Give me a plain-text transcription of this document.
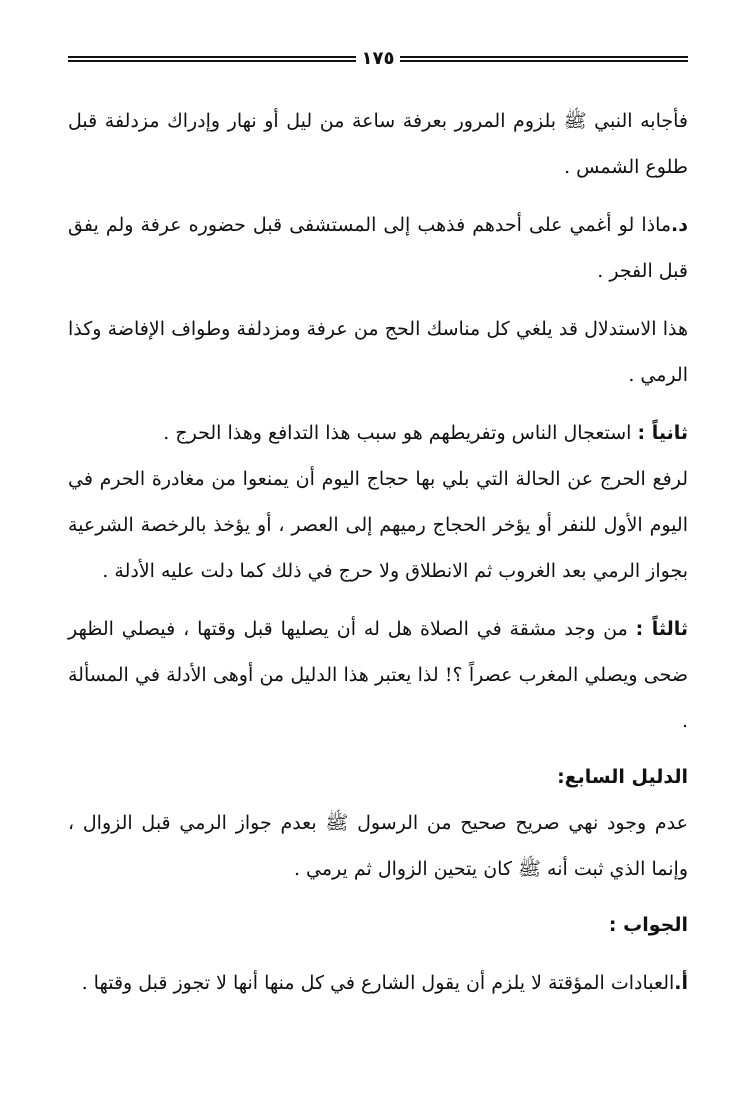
١٧٥

فأجابه النبي ﷺ بلزوم المرور بعرفة ساعة من ليل أو نهار وإدراك مزدلفة قبل طلوع الشمس .

د.ماذا لو أغمي على أحدهم فذهب إلى المستشفى قبل حضوره عرفة ولم يفق قبل الفجر .

هذا الاستدلال قد يلغي كل مناسك الحج من عرفة ومزدلفة وطواف الإفاضة وكذا الرمي .

ثانياً : استعجال الناس وتفريطهم هو سبب هذا التدافع وهذا الحرج .

لرفع الحرج عن الحالة التي بلي بها حجاج اليوم أن يمنعوا من مغادرة الحرم في اليوم الأول للنفر أو يؤخر الحجاج رميهم إلى العصر ، أو يؤخذ بالرخصة الشرعية بجواز الرمي بعد الغروب ثم الانطلاق ولا حرج في ذلك كما دلت عليه الأدلة .

ثالثاً : من وجد مشقة في الصلاة هل له أن يصليها قبل وقتها ، فيصلي الظهر ضحى ويصلي المغرب عصراً ؟! لذا يعتبر هذا الدليل من أوهى الأدلة في المسألة .

الدليل السابع:

عدم وجود نهي صريح صحيح من الرسول ﷺ بعدم جواز الرمي قبل الزوال ، وإنما الذي ثبت أنه ﷺ كان يتحين الزوال ثم يرمي .

الجواب :

أ.العبادات المؤقتة لا يلزم أن يقول الشارع في كل منها أنها لا تجوز قبل وقتها .
